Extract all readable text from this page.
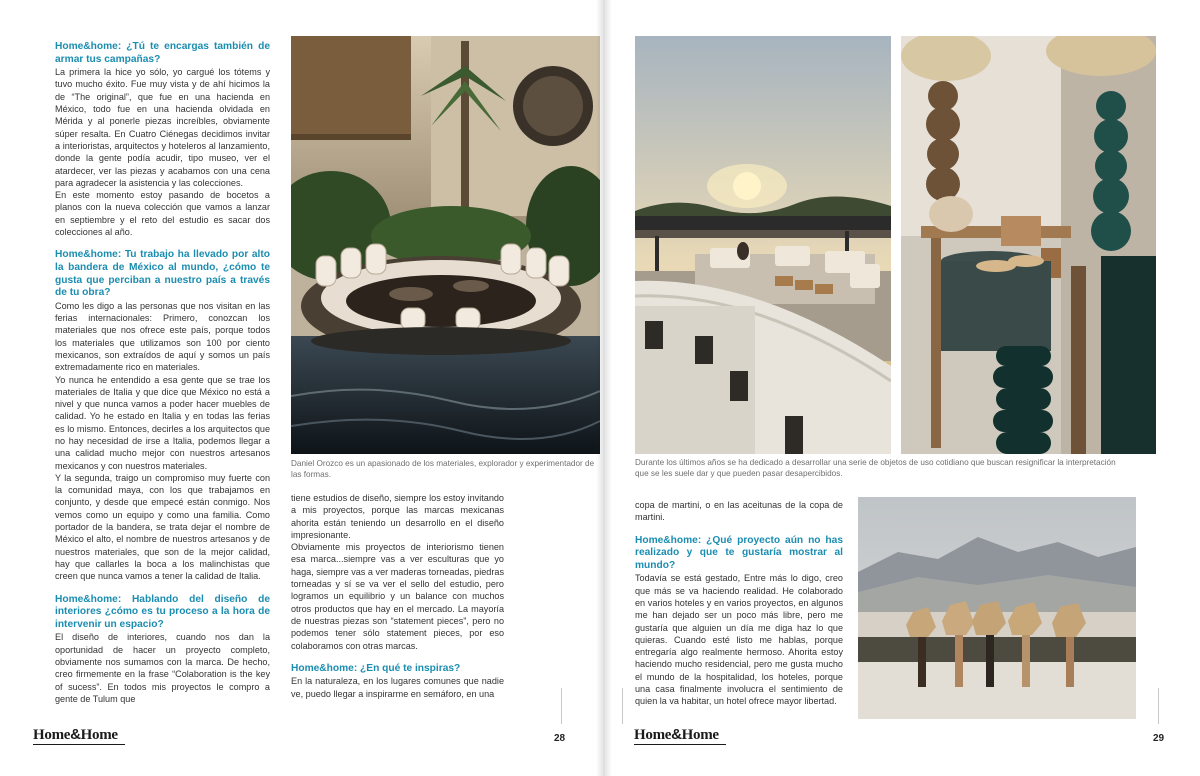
Home&home: ¿Tú te encargas también de armar tus campañas?

La primera la hice yo sólo, yo cargué los tótems y tuvo mucho éxito. Fue muy vista y de ahí hicimos la de “The original”, que fue en una hacienda en México, todo fue en una hacienda olvidada en Mérida y al ponerle piezas increíbles, obviamente súper resalta. En Cuatro Ciénegas decidimos invitar a interioristas, arquitectos y hoteleros al lanzamiento, donde la gente podía acudir, tipo museo, ver el atardecer, ver las piezas y acabamos con una cena para agradecer la asistencia y las colecciones.

En este momento estoy pasando de bocetos a planos con la nueva colección que vamos a lanzar en septiembre y el reto del estudio es sacar dos colecciones al año.

Home&home: Tu trabajo ha llevado por alto la bandera de México al mundo, ¿cómo te gusta que perciban a nuestro país a través de tu obra?

Como les digo a las personas que nos visitan en las ferias internacionales: Primero, conozcan los materiales que nos ofrece este país, porque todos los materiales que utilizamos son 100 por ciento mexicanos, son extraídos de aquí y somos un país extremadamente rico en materiales.

Yo nunca he entendido a esa gente que se trae los materiales de Italia y que dice que México no está a nivel y que nunca vamos a poder hacer muebles de calidad. Yo he estado en Italia y en todas las ferias es lo mismo. Entonces, decirles a los arquitectos que no hay necesidad de irse a Italia, podemos llegar a una calidad mucho mejor con nuestros artesanos mexicanos y con nuestros materiales.

Y la segunda, traigo un compromiso muy fuerte con la comunidad maya, con los que trabajamos en conjunto, y desde que empecé están conmigo. Nos vemos como un equipo y como una familia. Como portador de la bandera, se trata dejar el nombre de México el alto, el nombre de nuestros artesanos y de nuestros materiales, que son de la mejor calidad, hay que callarles la boca a los malinchistas que creen que nunca vamos a tener la calidad de Italia.

Home&home: Hablando del diseño de interiores ¿cómo es tu proceso a la hora de intervenir un espacio?

El diseño de interiores, cuando nos dan la oportunidad de hacer un proyecto completo, obviamente nos sumamos con la marca. De hecho, creo firmemente en la frase “Colaboration is the key of sucess”. En todos mis proyectos le compro a gente de Tulum que

Daniel Orozco es un apasionado de los materiales, explorador y experimentador de las formas.

tiene estudios de diseño, siempre los estoy invitando a mis proyectos, porque las marcas mexicanas ahorita están teniendo un desarrollo en el diseño impresionante.

Obviamente mis proyectos de interiorismo tienen esa marca...siempre vas a ver esculturas que yo haga, siempre vas a ver maderas torneadas, piedras torneadas y sí se va ver el sello del estudio, pero logramos un equilibrio y un balance con muchos otros productos que hay en el mercado. La mayoría de nuestras piezas son “statement pieces”, pero no podemos tener sólo statement pieces, por eso colaboramos con otras marcas.

Home&home: ¿En qué te inspiras?

En la naturaleza, en los lugares comunes que nadie ve, puedo llegar a inspirarme en semáforo, en una

Home&Home	28
Durante los últimos años se ha dedicado a desarrollar una serie de objetos de uso cotidiano que buscan resignificar la interpretación que se les suele dar y que pueden pasar desapercibidos.

copa de martini, o en las aceitunas de la copa de martini.

Home&home: ¿Qué proyecto aún no has realizado y que te gustaría mostrar al mundo?

Todavía se está gestado, Entre más lo digo, creo que más se va haciendo realidad. He colaborado en varios hoteles y en varios proyectos, en algunos me han dejado ser un poco más libre, pero me gustaría que alguien un día me diga haz lo que quieras. Cuando esté listo me hablas, porque entregaría algo realmente hermoso. Ahorita estoy haciendo mucho residencial, pero me gusta mucho el mundo de la hospitalidad, los hoteles, porque una casa finalmente involucra el sentimiento de quien la va habitar, un hotel ofrece mayor libertad.

Home&Home	29
